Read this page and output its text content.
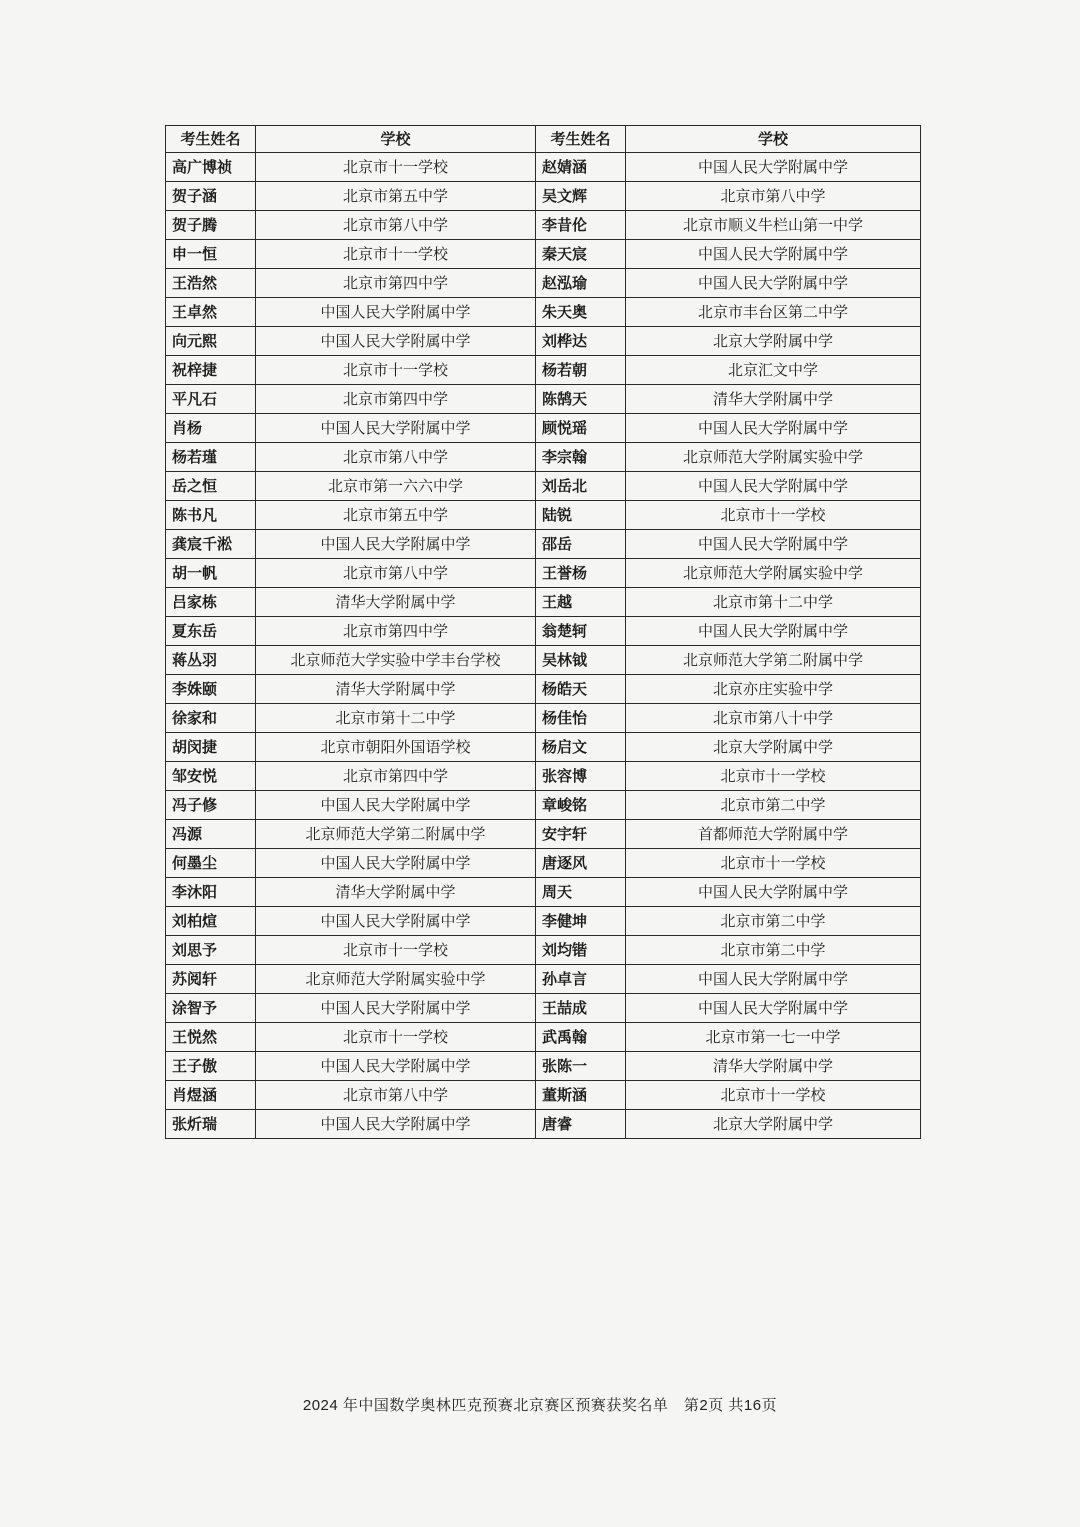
考生姓名	学校	考生姓名	学校
高广博祯	北京市十一学校	赵婧涵	中国人民大学附属中学
贺子涵	北京市第五中学	吴文辉	北京市第八中学
贺子腾	北京市第八中学	李昔伦	北京市顺义牛栏山第一中学
申一恒	北京市十一学校	秦天宸	中国人民大学附属中学
王浩然	北京市第四中学	赵泓瑜	中国人民大学附属中学
王卓然	中国人民大学附属中学	朱天奥	北京市丰台区第二中学
向元熙	中国人民大学附属中学	刘桦达	北京大学附属中学
祝梓捷	北京市十一学校	杨若朝	北京汇文中学
平凡石	北京市第四中学	陈鹄天	清华大学附属中学
肖杨	中国人民大学附属中学	顾悦瑶	中国人民大学附属中学
杨若瑾	北京市第八中学	李宗翰	北京师范大学附属实验中学
岳之恒	北京市第一六六中学	刘岳北	中国人民大学附属中学
陈书凡	北京市第五中学	陆锐	北京市十一学校
龚宸千淞	中国人民大学附属中学	邵岳	中国人民大学附属中学
胡一帆	北京市第八中学	王誉杨	北京师范大学附属实验中学
吕家栋	清华大学附属中学	王越	北京市第十二中学
夏东岳	北京市第四中学	翁楚轲	中国人民大学附属中学
蒋丛羽	北京师范大学实验中学丰台学校	吴林钺	北京师范大学第二附属中学
李姝颐	清华大学附属中学	杨皓天	北京亦庄实验中学
徐家和	北京市第十二中学	杨佳怡	北京市第八十中学
胡闵捷	北京市朝阳外国语学校	杨启文	北京大学附属中学
邹安悦	北京市第四中学	张容博	北京市十一学校
冯子修	中国人民大学附属中学	章峻铭	北京市第二中学
冯源	北京师范大学第二附属中学	安宇轩	首都师范大学附属中学
何墨尘	中国人民大学附属中学	唐逐风	北京市十一学校
李沐阳	清华大学附属中学	周天	中国人民大学附属中学
刘柏煊	中国人民大学附属中学	李健坤	北京市第二中学
刘思予	北京市十一学校	刘均锴	北京市第二中学
苏阅轩	北京师范大学附属实验中学	孙卓言	中国人民大学附属中学
涂智予	中国人民大学附属中学	王喆成	中国人民大学附属中学
王悦然	北京市十一学校	武禹翰	北京市第一七一中学
王子傲	中国人民大学附属中学	张陈一	清华大学附属中学
肖煜涵	北京市第八中学	董斯涵	北京市十一学校
张炘瑞	中国人民大学附属中学	唐睿	北京大学附属中学
2024 年中国数学奥林匹克预赛北京赛区预赛获奖名单　第2页 共16页
